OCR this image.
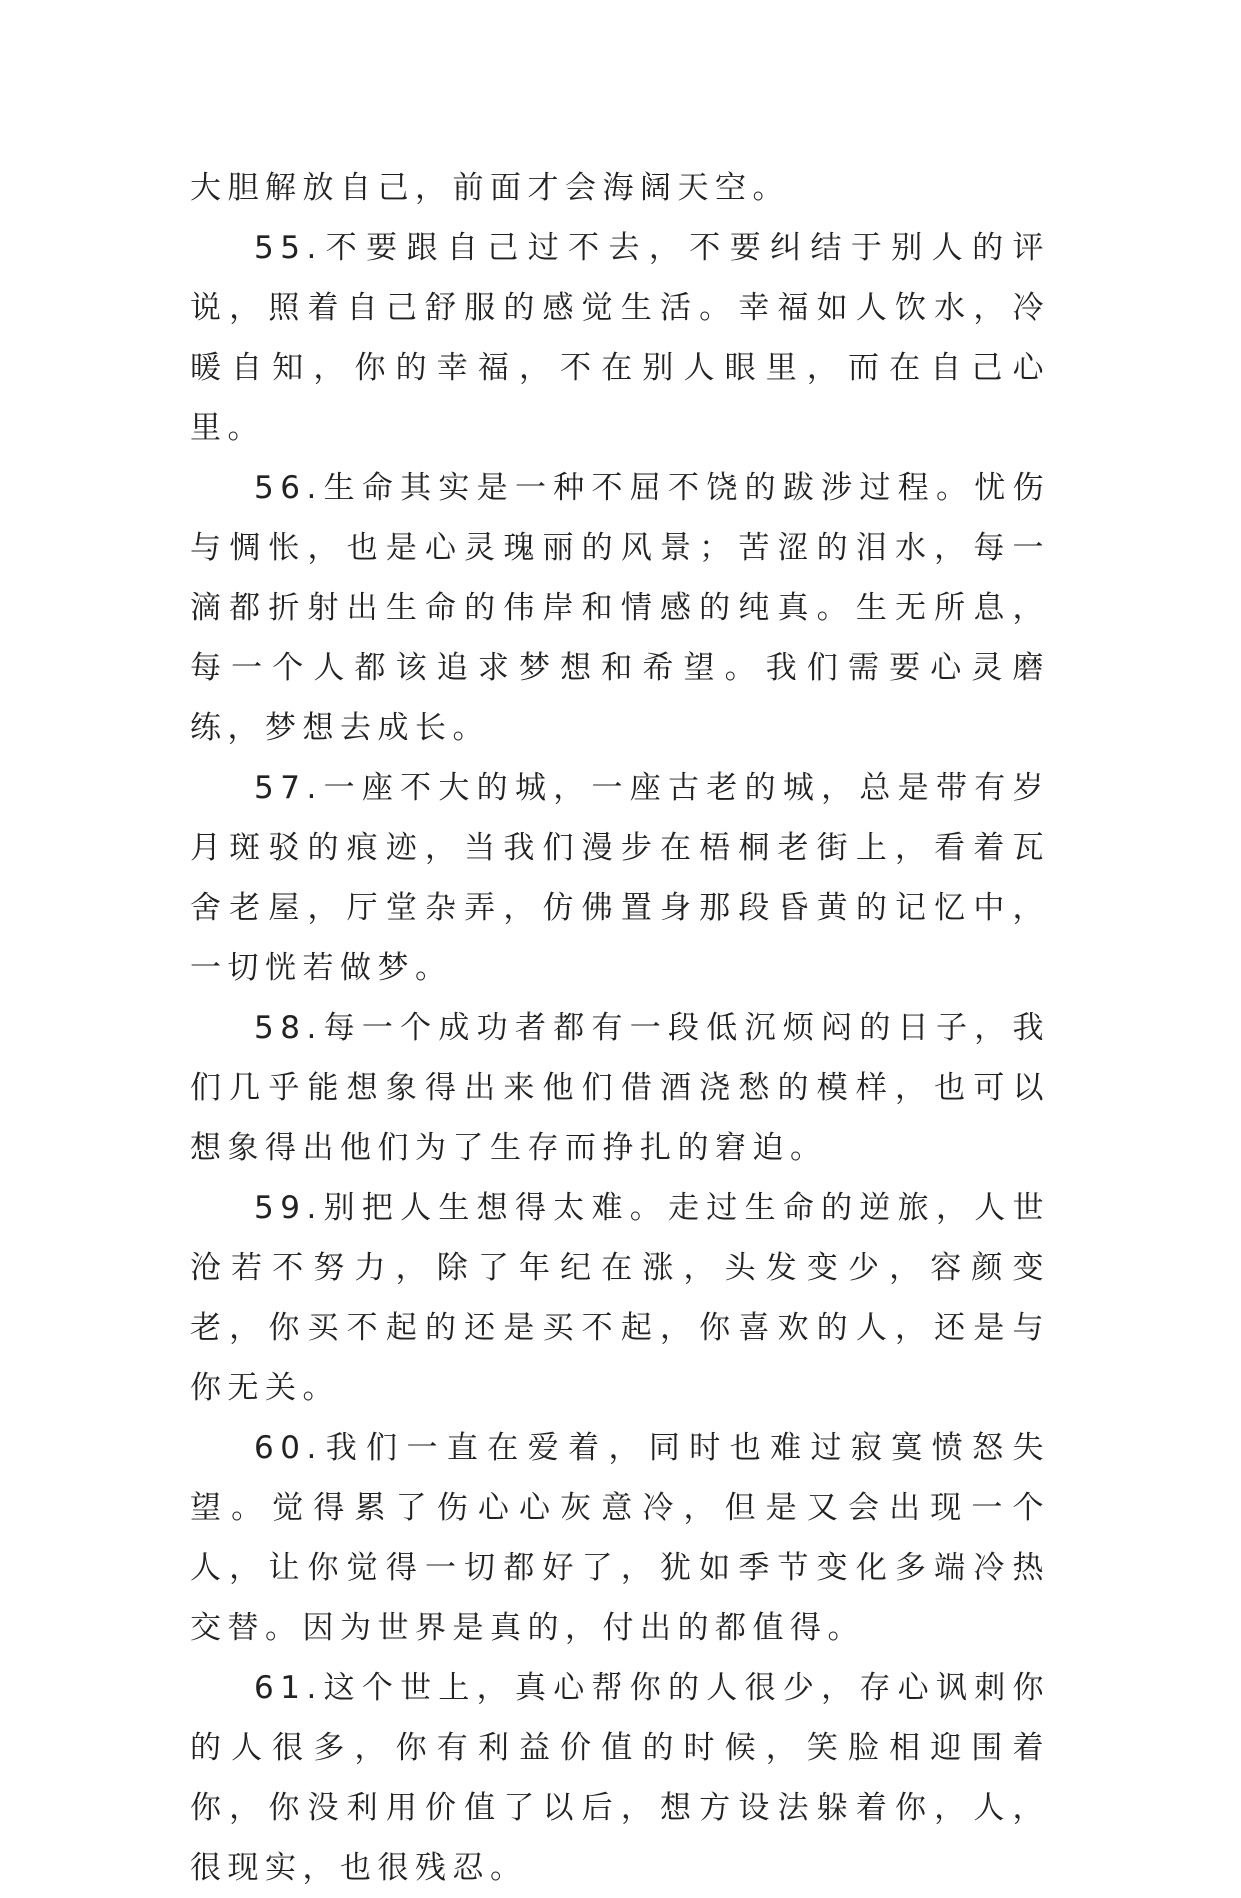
大胆解放自己，前面才会海阔天空。

55.不要跟自己过不去，不要纠结于别人的评说，照着自己舒服的感觉生活。幸福如人饮水，冷暖自知，你的幸福，不在别人眼里，而在自己心里。

56.生命其实是一种不屈不饶的跋涉过程。忧伤与惆怅，也是心灵瑰丽的风景；苦涩的泪水，每一滴都折射出生命的伟岸和情感的纯真。生无所息，每一个人都该追求梦想和希望。我们需要心灵磨练，梦想去成长。

57.一座不大的城，一座古老的城，总是带有岁月斑驳的痕迹，当我们漫步在梧桐老街上，看着瓦舍老屋，厅堂杂弄，仿佛置身那段昏黄的记忆中，一切恍若做梦。

58.每一个成功者都有一段低沉烦闷的日子，我们几乎能想象得出来他们借酒浇愁的模样，也可以想象得出他们为了生存而挣扎的窘迫。

59.别把人生想得太难。走过生命的逆旅，人世沧若不努力，除了年纪在涨，头发变少，容颜变老，你买不起的还是买不起，你喜欢的人，还是与你无关。

60.我们一直在爱着，同时也难过寂寞愤怒失望。觉得累了伤心心灰意冷，但是又会出现一个人，让你觉得一切都好了，犹如季节变化多端冷热交替。因为世界是真的，付出的都值得。

61.这个世上，真心帮你的人很少，存心讽刺你的人很多，你有利益价值的时候，笑脸相迎围着你，你没利用价值了以后，想方设法躲着你，人，很现实，也很残忍。
